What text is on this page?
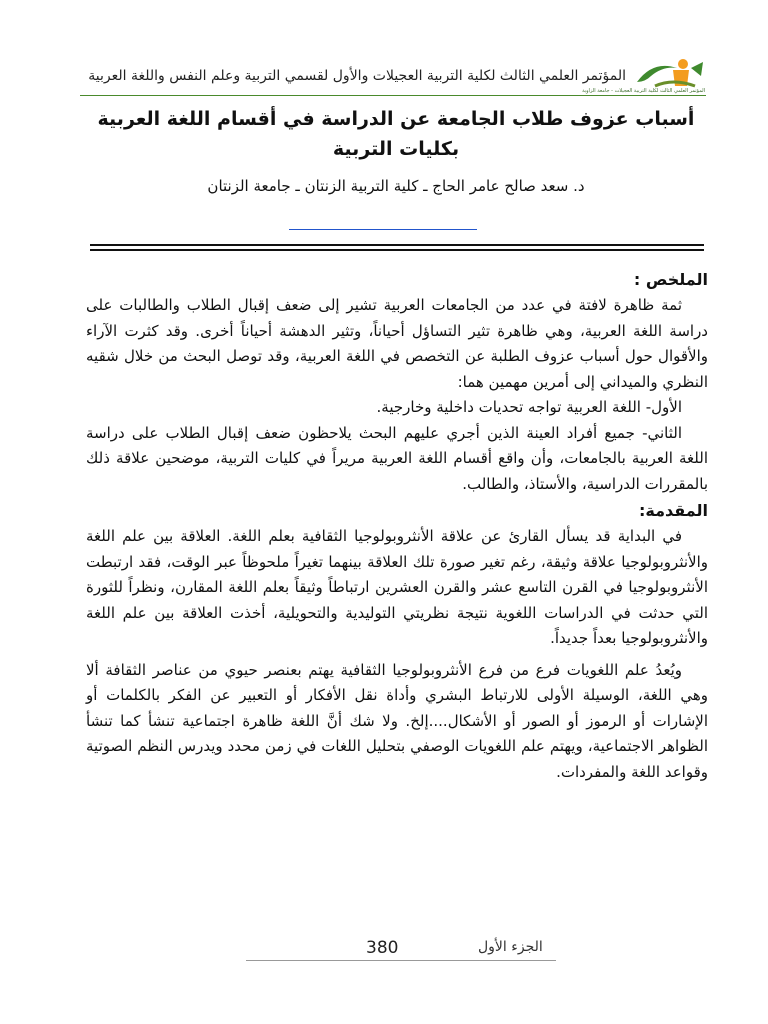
المؤتمر العلمي الثالث لكلية التربية العجيلات والأول لقسمي التربية وعلم النفس واللغة العربية
المؤتمر العلمي الثالث لكلية التربية العجيلات - جامعة الزاوية
أسباب عزوف طلاب الجامعة عن الدراسة في أقسام اللغة العربية بكليات التربية
د. سعد صالح عامر الحاج ـ كلية التربية الزنتان ـ جامعة الزنتان
الملخص :

ثمة ظاهرة لافتة في عدد من الجامعات العربية تشير إلى ضعف إقبال الطلاب والطالبات على دراسة اللغة العربية، وهي ظاهرة تثير التساؤل أحياناً، وتثير الدهشة أحياناً أخرى. وقد كثرت الآراء والأقوال حول أسباب عزوف الطلبة عن التخصص في اللغة العربية، وقد توصل البحث من خلال شقيه النظري والميداني إلى أمرين مهمين هما:

الأول- اللغة العربية تواجه تحديات داخلية وخارجية.

الثاني- جميع أفراد العينة الذين أجري عليهم البحث يلاحظون ضعف إقبال الطلاب على دراسة اللغة العربية بالجامعات، وأن واقع أقسام اللغة العربية مريراً في كليات التربية، موضحين علاقة ذلك بالمقررات الدراسية، والأستاذ، والطالب.

المقدمة:

في البداية قد يسأل القارئ عن علاقة الأنثروبولوجيا الثقافية بعلم اللغة. العلاقة بين علم اللغة والأنثروبولوجيا علاقة وثيقة، رغم تغير صورة تلك العلاقة بينهما تغيراً ملحوظاً عبر الوقت، فقد ارتبطت الأنثروبولوجيا في القرن التاسع عشر والقرن العشرين ارتباطاً وثيقاً بعلم اللغة المقارن، ونظراً للثورة التي حدثت في الدراسات اللغوية نتيجة نظريتي التوليدية والتحويلية، أخذت العلاقة بين علم اللغة والأنثروبولوجيا بعداً جديداً.

ويُعدُ علم اللغويات فرع من فرع الأنثروبولوجيا الثقافية يهتم بعنصر حيوي من عناصر الثقافة ألا وهي اللغة، الوسيلة الأولى للارتباط البشري وأداة نقل الأفكار أو التعبير عن الفكر بالكلمات أو الإشارات أو الرموز أو الصور أو الأشكال....إلخ. ولا شك أنَّ اللغة ظاهرة اجتماعية تنشأ كما تنشأ الظواهر الاجتماعية، ويهتم علم اللغويات الوصفي بتحليل اللغات في زمن محدد ويدرس النظم الصوتية وقواعد اللغة والمفردات.

380	الجزء الأول
